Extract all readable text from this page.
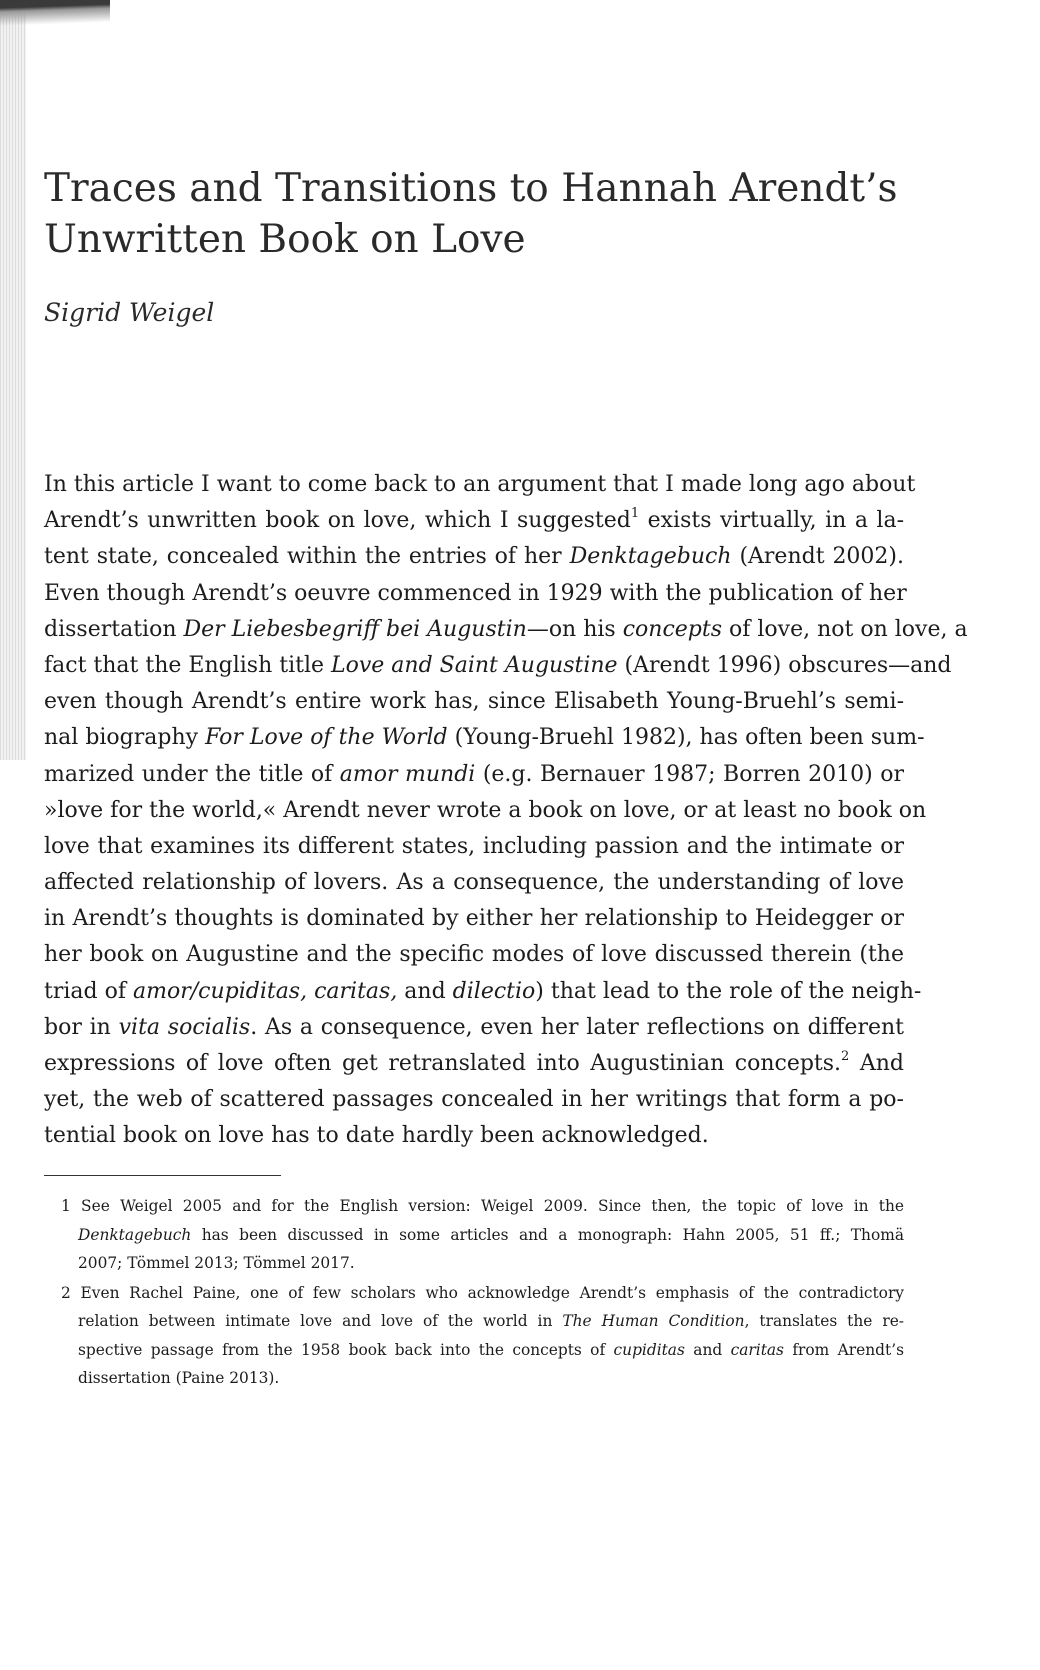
Traces and Transitions to Hannah Arendt’s
Unwritten Book on Love

Sigrid Weigel

In this article I want to come back to an argument that I made long ago about
Arendt’s unwritten book on love, which I suggested$^1$ exists virtually, in a la-
tent state, concealed within the entries of her Denktagebuch (Arendt 2002).
Even though Arendt’s oeuvre commenced in 1929 with the publication of her
dissertation Der Liebesbegriff bei Augustin—on his concepts of love, not on love, a
fact that the English title Love and Saint Augustine (Arendt 1996) obscures—and
even though Arendt’s entire work has, since Elisabeth Young-Bruehl’s semi-
nal biography For Love of the World (Young-Bruehl 1982), has often been sum-
marized under the title of amor mundi (e.g. Bernauer 1987; Borren 2010) or
»love for the world,« Arendt never wrote a book on love, or at least no book on
love that examines its different states, including passion and the intimate or
affected relationship of lovers. As a consequence, the understanding of love
in Arendt’s thoughts is dominated by either her relationship to Heidegger or
her book on Augustine and the specific modes of love discussed therein (the
triad of amor/cupiditas, caritas, and dilectio) that lead to the role of the neigh-
bor in vita socialis. As a consequence, even her later reflections on different
expressions of love often get retranslated into Augustinian concepts.$^2$ And
yet, the web of scattered passages concealed in her writings that form a po-
tential book on love has to date hardly been acknowledged.
1 See Weigel 2005 and for the English version: Weigel 2009. Since then, the topic of love in the
Denktagebuch has been discussed in some articles and a monograph: Hahn 2005, 51 ff.; Thomä
2007; Tömmel 2013; Tömmel 2017.
2 Even Rachel Paine, one of few scholars who acknowledge Arendt’s emphasis of the contradictory
relation between intimate love and love of the world in The Human Condition, translates the re-
spective passage from the 1958 book back into the concepts of cupiditas and caritas from Arendt’s
dissertation (Paine 2013).
